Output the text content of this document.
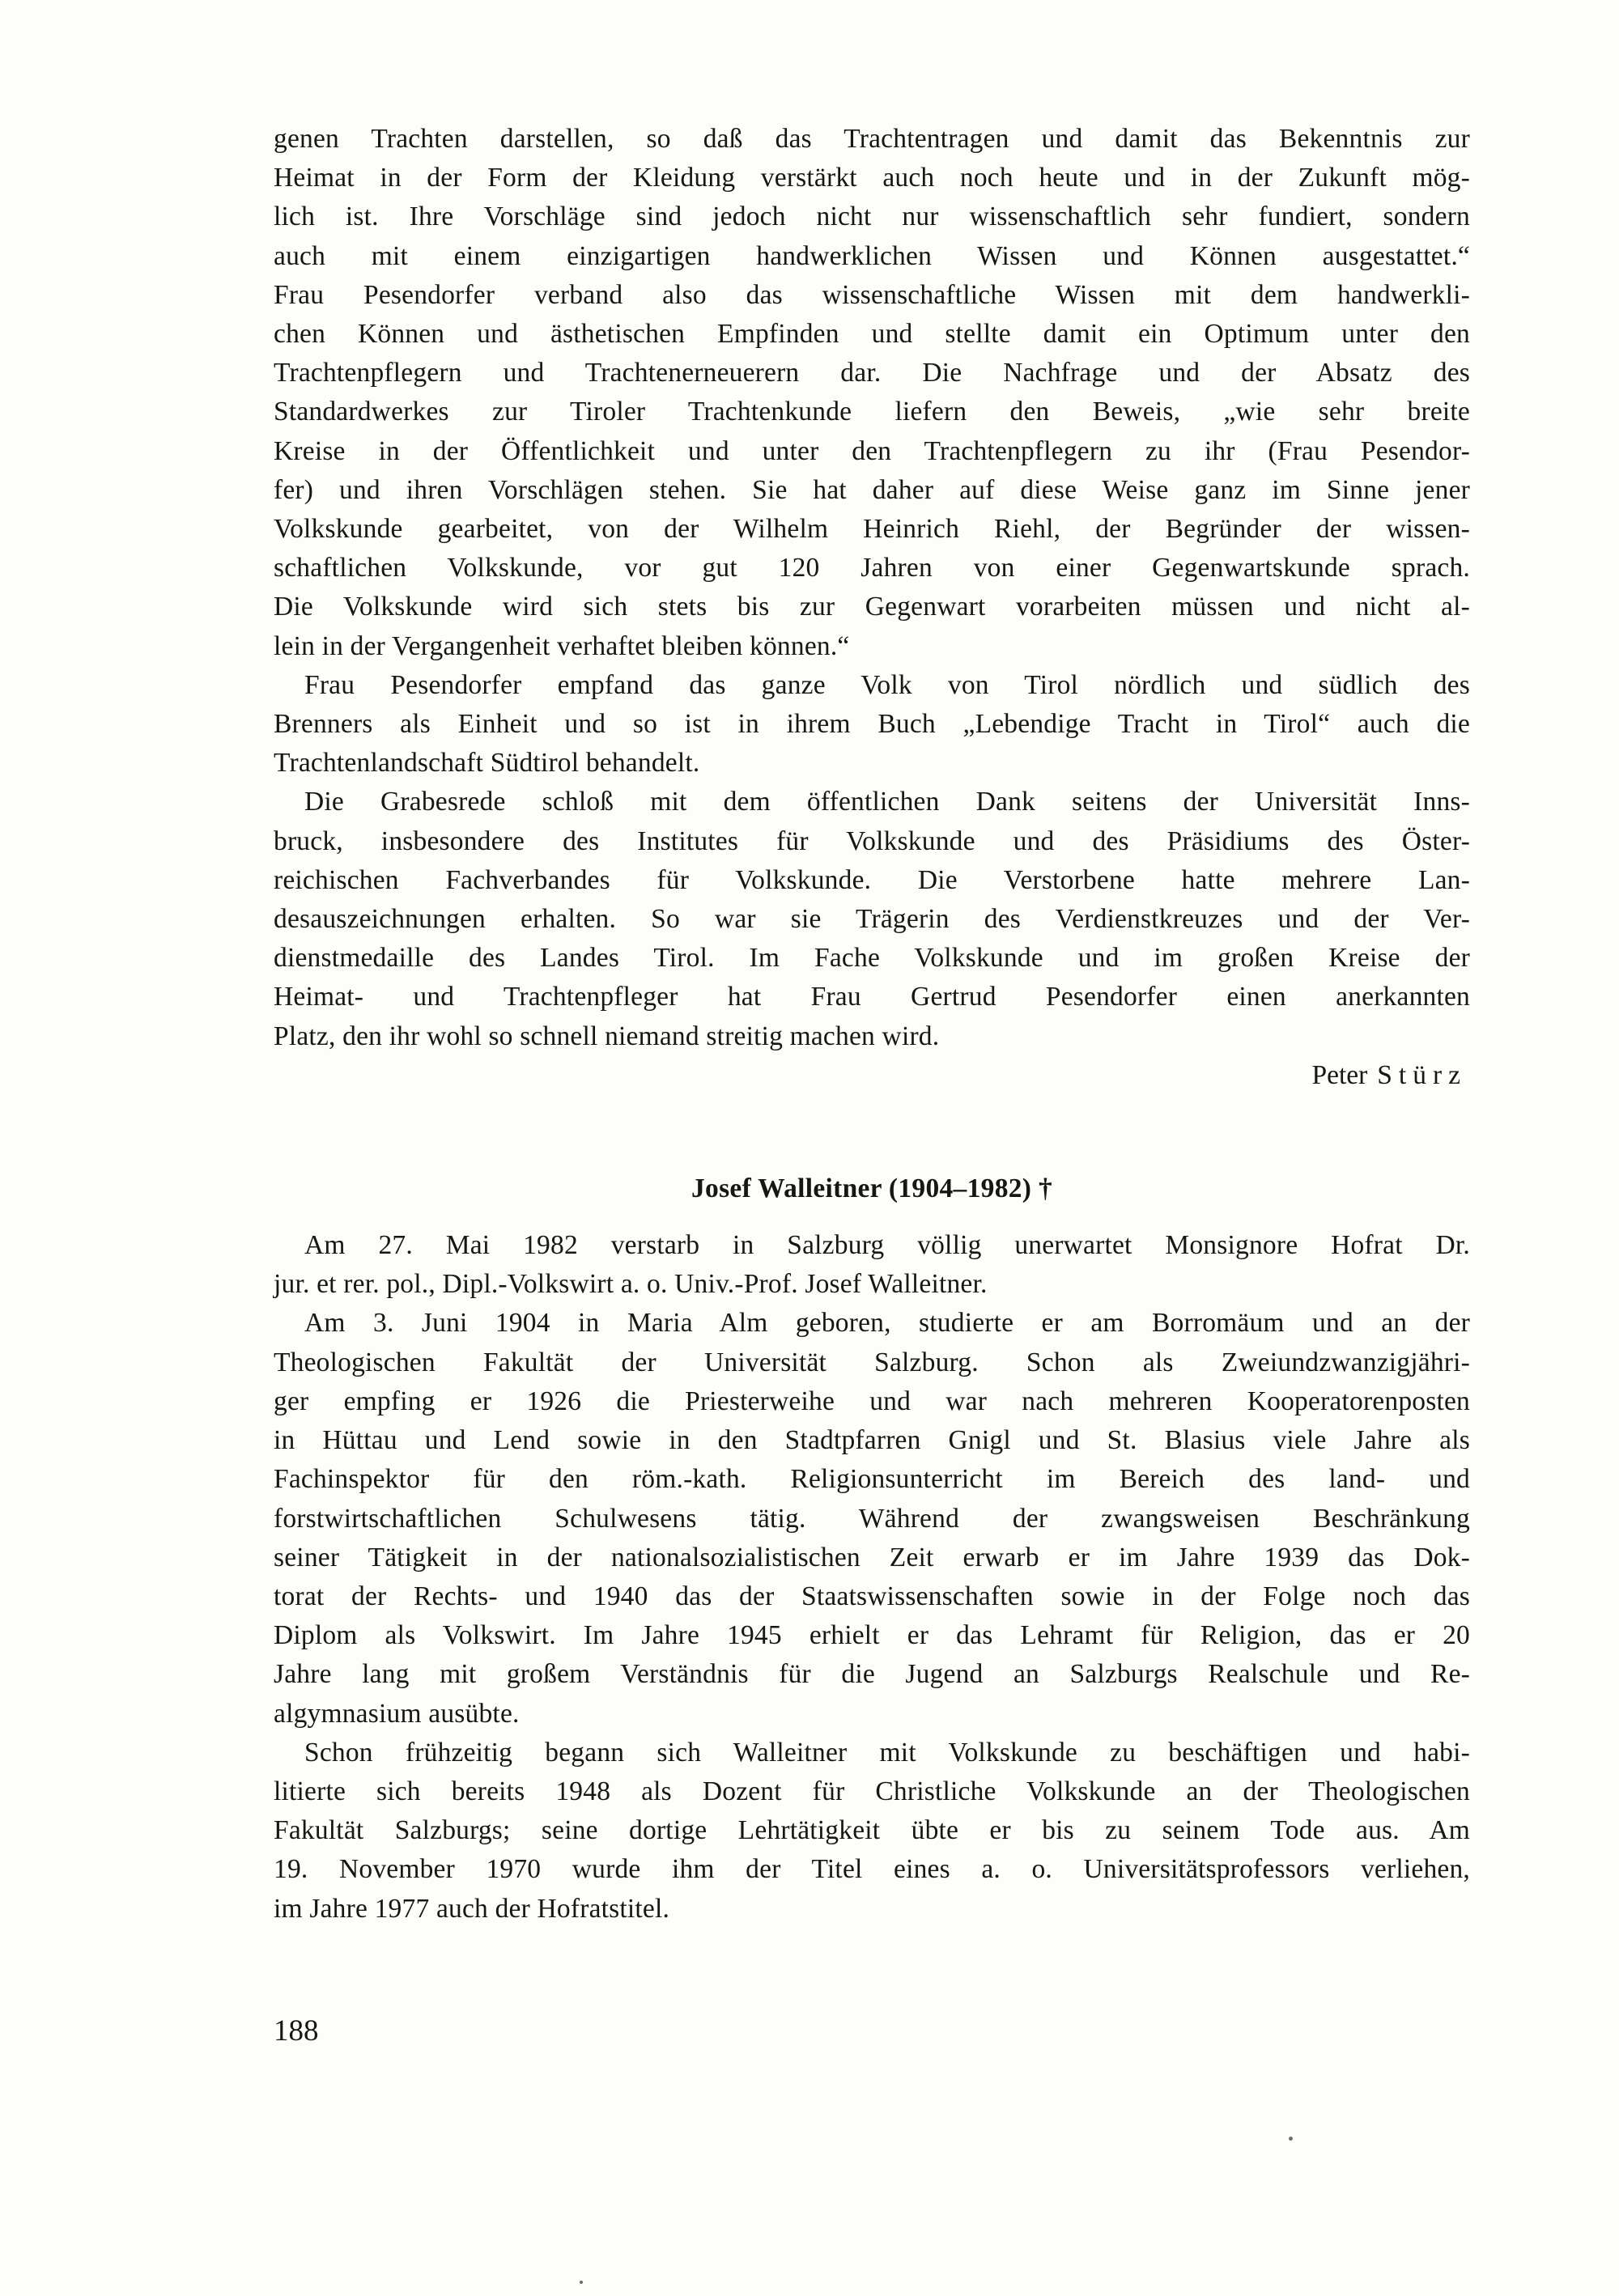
genen Trachten darstellen, so daß das Trachtentragen und damit das Bekenntnis zur
Heimat in der Form der Kleidung verstärkt auch noch heute und in der Zukunft mög-
lich ist. Ihre Vorschläge sind jedoch nicht nur wissenschaftlich sehr fundiert, sondern
auch mit einem einzigartigen handwerklichen Wissen und Können ausgestattet.“
Frau Pesendorfer verband also das wissenschaftliche Wissen mit dem handwerkli-
chen Können und ästhetischen Empfinden und stellte damit ein Optimum unter den
Trachtenpflegern und Trachtenerneuerern dar. Die Nachfrage und der Absatz des
Standardwerkes zur Tiroler Trachtenkunde liefern den Beweis, „wie sehr breite
Kreise in der Öffentlichkeit und unter den Trachtenpflegern zu ihr (Frau Pesendor-
fer) und ihren Vorschlägen stehen. Sie hat daher auf diese Weise ganz im Sinne jener
Volkskunde gearbeitet, von der Wilhelm Heinrich Riehl, der Begründer der wissen-
schaftlichen Volkskunde, vor gut 120 Jahren von einer Gegenwartskunde sprach.
Die Volkskunde wird sich stets bis zur Gegenwart vorarbeiten müssen und nicht al-
lein in der Vergangenheit verhaftet bleiben können.“
Frau Pesendorfer empfand das ganze Volk von Tirol nördlich und südlich des
Brenners als Einheit und so ist in ihrem Buch „Lebendige Tracht in Tirol“ auch die
Trachtenlandschaft Südtirol behandelt.
Die Grabesrede schloß mit dem öffentlichen Dank seitens der Universität Inns-
bruck, insbesondere des Institutes für Volkskunde und des Präsidiums des Öster-
reichischen Fachverbandes für Volkskunde. Die Verstorbene hatte mehrere Lan-
desauszeichnungen erhalten. So war sie Trägerin des Verdienstkreuzes und der Ver-
dienstmedaille des Landes Tirol. Im Fache Volkskunde und im großen Kreise der
Heimat- und Trachtenpfleger hat Frau Gertrud Pesendorfer einen anerkannten
Platz, den ihr wohl so schnell niemand streitig machen wird.
Peter Stürz
Josef Walleitner (1904–1982) †
Am 27. Mai 1982 verstarb in Salzburg völlig unerwartet Monsignore Hofrat Dr.
jur. et rer. pol., Dipl.-Volkswirt a. o. Univ.-Prof. Josef Walleitner.
Am 3. Juni 1904 in Maria Alm geboren, studierte er am Borromäum und an der
Theologischen Fakultät der Universität Salzburg. Schon als Zweiundzwanzigjähri-
ger empfing er 1926 die Priesterweihe und war nach mehreren Kooperatorenposten
in Hüttau und Lend sowie in den Stadtpfarren Gnigl und St. Blasius viele Jahre als
Fachinspektor für den röm.-kath. Religionsunterricht im Bereich des land- und
forstwirtschaftlichen Schulwesens tätig. Während der zwangsweisen Beschränkung
seiner Tätigkeit in der nationalsozialistischen Zeit erwarb er im Jahre 1939 das Dok-
torat der Rechts- und 1940 das der Staatswissenschaften sowie in der Folge noch das
Diplom als Volkswirt. Im Jahre 1945 erhielt er das Lehramt für Religion, das er 20
Jahre lang mit großem Verständnis für die Jugend an Salzburgs Realschule und Re-
algymnasium ausübte.
Schon frühzeitig begann sich Walleitner mit Volkskunde zu beschäftigen und habi-
litierte sich bereits 1948 als Dozent für Christliche Volkskunde an der Theologischen
Fakultät Salzburgs; seine dortige Lehrtätigkeit übte er bis zu seinem Tode aus. Am
19. November 1970 wurde ihm der Titel eines a. o. Universitätsprofessors verliehen,
im Jahre 1977 auch der Hofratstitel.
188
